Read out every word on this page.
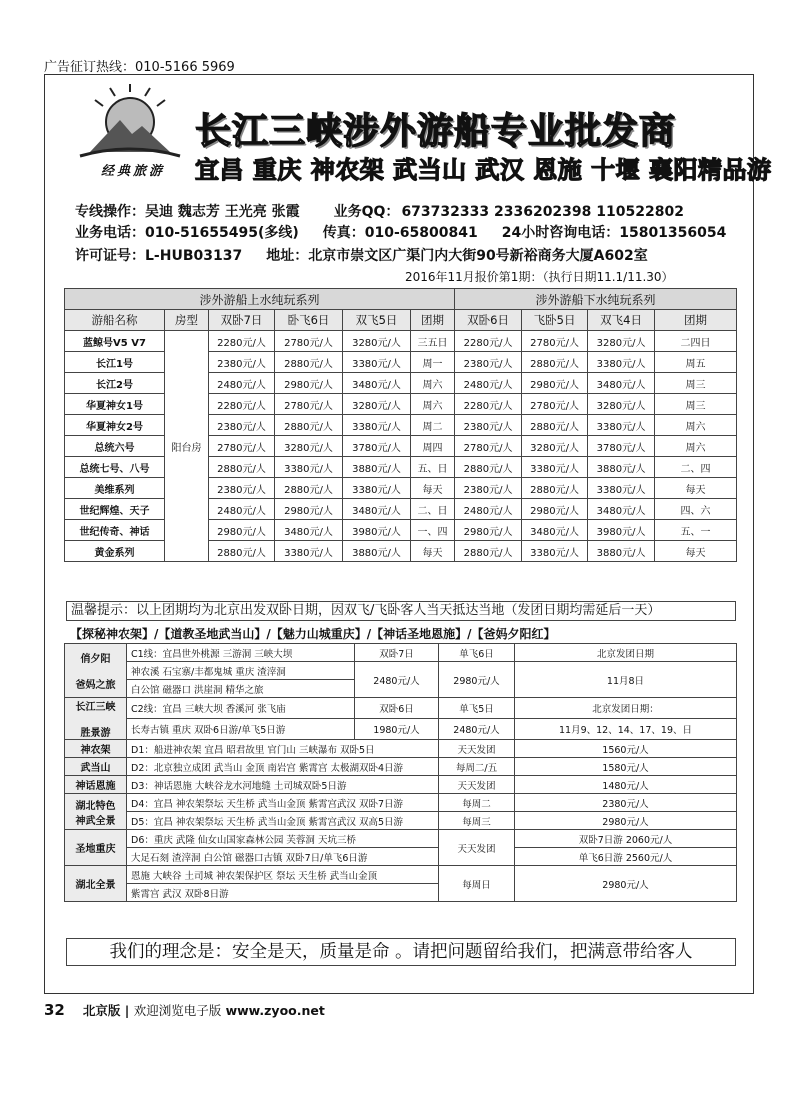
广告征订热线：010-5166 5969
经典旅游
长江三峡涉外游船专业批发商
宜昌 重庆 神农架 武当山 武汉 恩施 十堰 襄阳精品游
专线操作：吴迪 魏志芳 王光亮 张霞 业务QQ： 673732333 2336202398 110522802
业务电话：010-51655495(多线) 传真：010-65800841 24小时咨询电话：15801356054
许可证号：L-HUB03137 地址：北京市崇文区广渠门内大街90号新裕商务大厦A602室
2016年11月报价第1期：（执行日期11.1/11.30）
涉外游船上水纯玩系列						涉外游船下水纯玩系列			
游船名称	房型	双卧7日	卧飞6日	双飞5日	团期	双卧6日	飞卧5日	双飞4日	团期
蓝鲸号V5 V7	阳台房	2280元/人	2780元/人	3280元/人	三五日	2280元/人	2780元/人	3280元/人	二四日
长江1号		2380元/人	2880元/人	3380元/人	周一	2380元/人	2880元/人	3380元/人	周五
长江2号		2480元/人	2980元/人	3480元/人	周六	2480元/人	2980元/人	3480元/人	周三
华夏神女1号		2280元/人	2780元/人	3280元/人	周六	2280元/人	2780元/人	3280元/人	周三
华夏神女2号		2380元/人	2880元/人	3380元/人	周二	2380元/人	2880元/人	3380元/人	周六
总统六号		2780元/人	3280元/人	3780元/人	周四	2780元/人	3280元/人	3780元/人	周六
总统七号、八号		2880元/人	3380元/人	3880元/人	五、日	2880元/人	3380元/人	3880元/人	二、四
美维系列		2380元/人	2880元/人	3380元/人	每天	2380元/人	2880元/人	3380元/人	每天
世纪辉煌、天子		2480元/人	2980元/人	3480元/人	二、日	2480元/人	2980元/人	3480元/人	四、六
世纪传奇、神话		2980元/人	3480元/人	3980元/人	一、四	2980元/人	3480元/人	3980元/人	五、一
黄金系列		2880元/人	3380元/人	3880元/人	每天	2880元/人	3380元/人	3880元/人	每天
温馨提示：以上团期均为北京出发双卧日期，因双飞/飞卧客人当天抵达当地（发团日期均需延后一天）
【探秘神农架】/【道教圣地武当山】/【魅力山城重庆】/【神话圣地恩施】/【爸妈夕阳红】
俏夕阳

爸妈之旅	C1线：宜昌世外桃源 三游洞 三峡大坝	双卧7日	单飞6日	北京发团日期
	神农溪 石宝寨/丰都鬼城 重庆 渣滓洞	2480元/人	2980元/人	11月8日
	白公馆 磁器口 洪崖洞 精华之旅			
长江三峡

胜景游	C2线：宜昌 三峡大坝 香溪河 张飞庙	双卧6日	单飞5日	北京发团日期：
	长寿古镇 重庆 双卧6日游/单飞5日游	1980元/人	2480元/人	11月9、12、14、17、19、日
神农架	D1：船进神农架 宜昌 昭君故里 官门山 三峡瀑布 双卧5日		天天发团	1560元/人
武当山	D2：北京独立成团 武当山 金顶 南岩宫 紫霄宫 太极湖双卧4日游		每周二/五	1580元/人
神话恩施	D3：神话恩施 大峡谷龙水河地缝 土司城双卧5日游		天天发团	1480元/人
湖北特色
神武全景	D4：宜昌 神农架祭坛 天生桥 武当山金顶 紫霄宫武汉 双卧7日游		每周二	2380元/人
	D5：宜昌 神农架祭坛 天生桥 武当山金顶 紫霄宫武汉 双高5日游		每周三	2980元/人
圣地重庆	D6：重庆 武隆 仙女山国家森林公园 芙蓉洞 天坑三桥		天天发团	双卧7日游 2060元/人
	大足石刻 渣滓洞 白公馆 磁器口古镇 双卧7日/单飞6日游			单飞6日游 2560元/人
湖北全景	恩施 大峡谷 土司城 神农架保护区 祭坛 天生桥 武当山金顶		每周日	2980元/人
	紫霄宫 武汉 双卧8日游			
我们的理念是：安全是天，质量是命 。请把问题留给我们，把满意带给客人
32 北京版 | 欢迎浏览电子版 www.zyoo.net
